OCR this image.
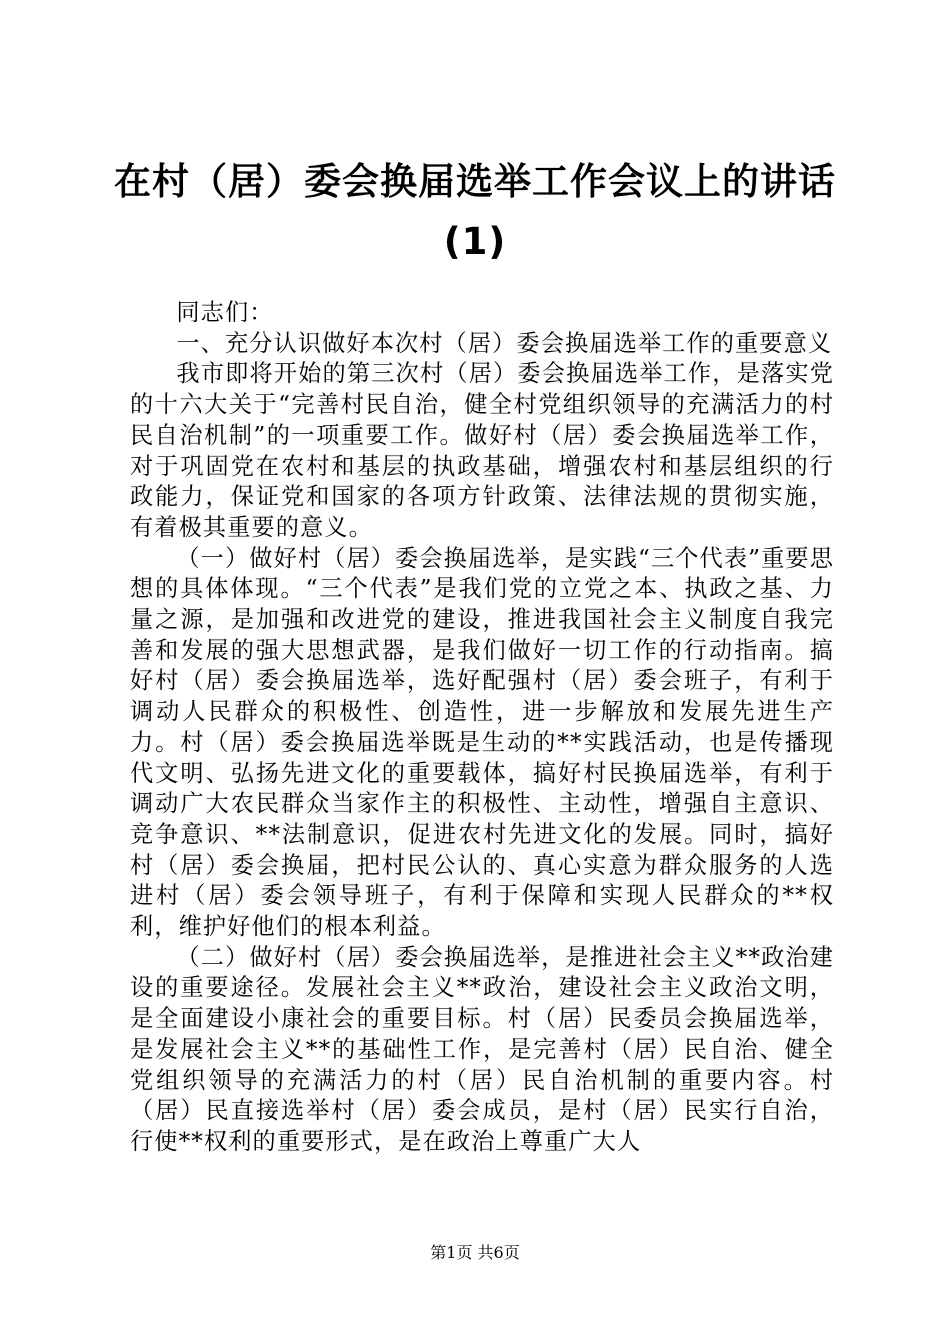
在村（居）委会换届选举工作会议上的讲话
(1)

同志们：

一、充分认识做好本次村（居）委会换届选举工作的重要意义

我市即将开始的第三次村（居）委会换届选举工作，是落实党的十六大关于“完善村民自治，健全村党组织领导的充满活力的村民自治机制”的一项重要工作。做好村（居）委会换届选举工作，对于巩固党在农村和基层的执政基础，增强农村和基层组织的行政能力，保证党和国家的各项方针政策、法律法规的贯彻实施，有着极其重要的意义。

（一）做好村（居）委会换届选举，是实践“三个代表”重要思想的具体体现。“三个代表”是我们党的立党之本、执政之基、力量之源，是加强和改进党的建设，推进我国社会主义制度自我完善和发展的强大思想武器，是我们做好一切工作的行动指南。搞好村（居）委会换届选举，选好配强村（居）委会班子，有利于调动人民群众的积极性、创造性，进一步解放和发展先进生产力。村（居）委会换届选举既是生动的**实践活动，也是传播现代文明、弘扬先进文化的重要载体，搞好村民换届选举，有利于调动广大农民群众当家作主的积极性、主动性，增强自主意识、竞争意识、**法制意识，促进农村先进文化的发展。同时，搞好村（居）委会换届，把村民公认的、真心实意为群众服务的人选进村（居）委会领导班子，有利于保障和实现人民群众的**权利，维护好他们的根本利益。

（二）做好村（居）委会换届选举，是推进社会主义**政治建设的重要途径。发展社会主义**政治，建设社会主义政治文明，是全面建设小康社会的重要目标。村（居）民委员会换届选举，是发展社会主义**的基础性工作，是完善村（居）民自治、健全党组织领导的充满活力的村（居）民自治机制的重要内容。村（居）民直接选举村（居）委会成员，是村（居）民实行自治，行使**权利的重要形式，是在政治上尊重广大人

第1页 共6页
